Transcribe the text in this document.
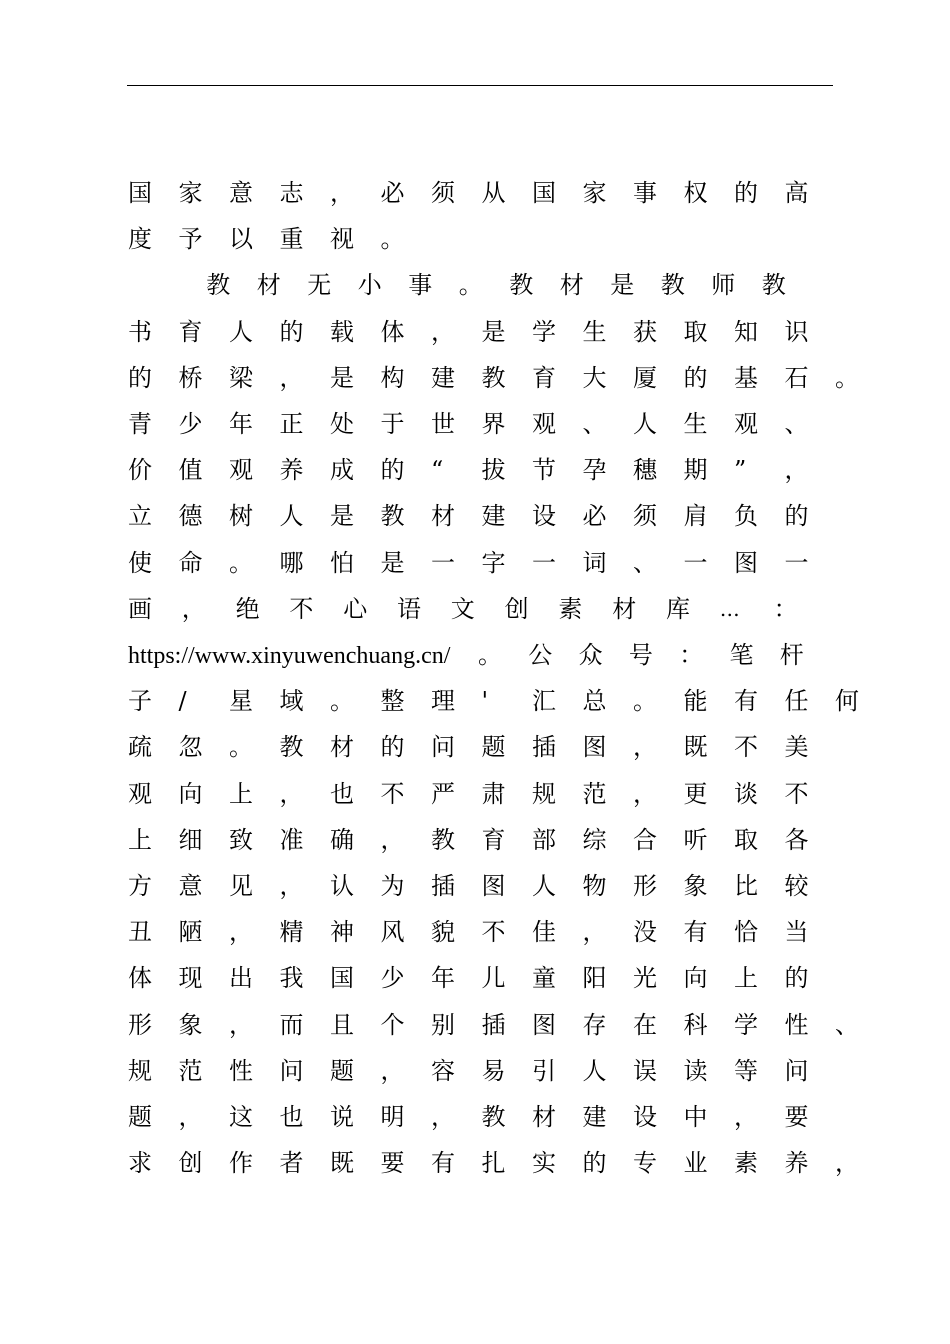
国 家 意 志 ， 必 须 从 国 家 事 权 的 高
度 予 以 重 视 。
教 材 无 小 事 。 教 材 是 教 师 教
书 育 人 的 载 体 ， 是 学 生 获 取 知 识
的 桥 梁 ， 是 构 建 教 育 大 厦 的 基 石 。
青 少 年 正 处 于 世 界 观 、 人 生 观 、
价 值 观 养 成 的 “ 拔 节 孕 穗 期 ” ，
立 德 树 人 是 教 材 建 设 必 须 肩 负 的
使 命 。 哪 怕 是 一 字 一 词 、 一 图 一
画 ， 绝 不 心 语 文 创 素 材 库 … ：
https://www.xinyuwenchuang.cn/ 。 公 众 号 ： 笔 杆
子 / 星 域 。 整 理 ' 汇 总 。 能 有 任 何
疏 忽 。 教 材 的 问 题 插 图 ， 既 不 美
观 向 上 ， 也 不 严 肃 规 范 ， 更 谈 不
上 细 致 准 确 ， 教 育 部 综 合 听 取 各
方 意 见 ， 认 为 插 图 人 物 形 象 比 较
丑 陋 ， 精 神 风 貌 不 佳 ， 没 有 恰 当
体 现 出 我 国 少 年 儿 童 阳 光 向 上 的
形 象 ， 而 且 个 别 插 图 存 在 科 学 性 、
规 范 性 问 题 ， 容 易 引 人 误 读 等 问
题 ， 这 也 说 明 ， 教 材 建 设 中 ， 要
求 创 作 者 既 要 有 扎 实 的 专 业 素 养 ，
